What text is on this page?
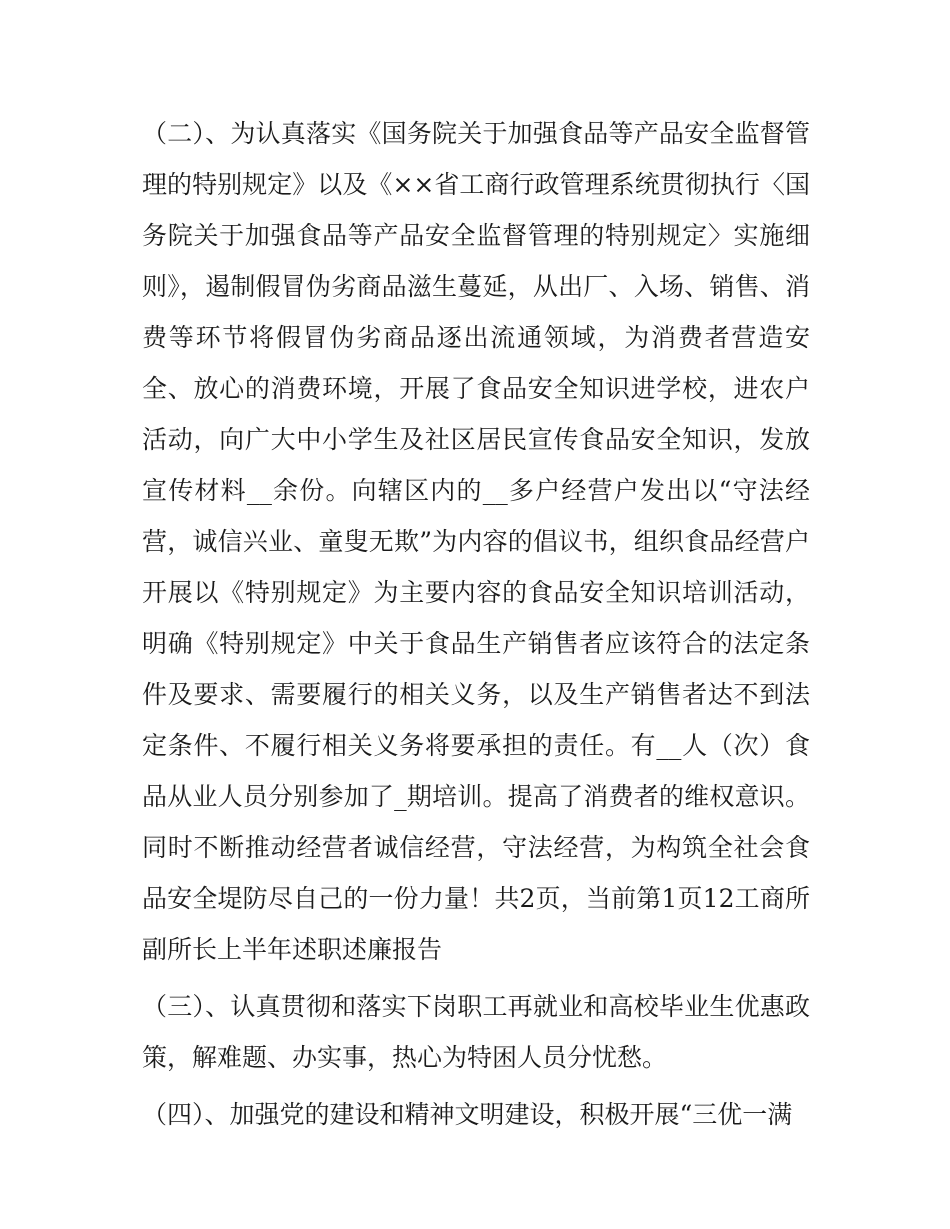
（二）、为认真落实《国务院关于加强食品等产品安全监督管理的特别规定》以及《××省工商行政管理系统贯彻执行〈国务院关于加强食品等产品安全监督管理的特别规定〉实施细则》，遏制假冒伪劣商品滋生蔓延，从出厂、入场、销售、消费等环节将假冒伪劣商品逐出流通领域，为消费者营造安全、放心的消费环境，开展了食品安全知识进学校，进农户活动，向广大中小学生及社区居民宣传食品安全知识，发放宣传材料__余份。向辖区内的__多户经营户发出以“守法经营，诚信兴业、童叟无欺”为内容的倡议书，组织食品经营户开展以《特别规定》为主要内容的食品安全知识培训活动，明确《特别规定》中关于食品生产销售者应该符合的法定条件及要求、需要履行的相关义务，以及生产销售者达不到法定条件、不履行相关义务将要承担的责任。有__人（次）食品从业人员分别参加了_期培训。提高了消费者的维权意识。同时不断推动经营者诚信经营，守法经营，为构筑全社会食品安全堤防尽自己的一份力量！共2页，当前第1页12工商所副所长上半年述职述廉报告

（三）、认真贯彻和落实下岗职工再就业和高校毕业生优惠政策，解难题、办实事，热心为特困人员分忧愁。

（四）、加强党的建设和精神文明建设，积极开展“三优一满
